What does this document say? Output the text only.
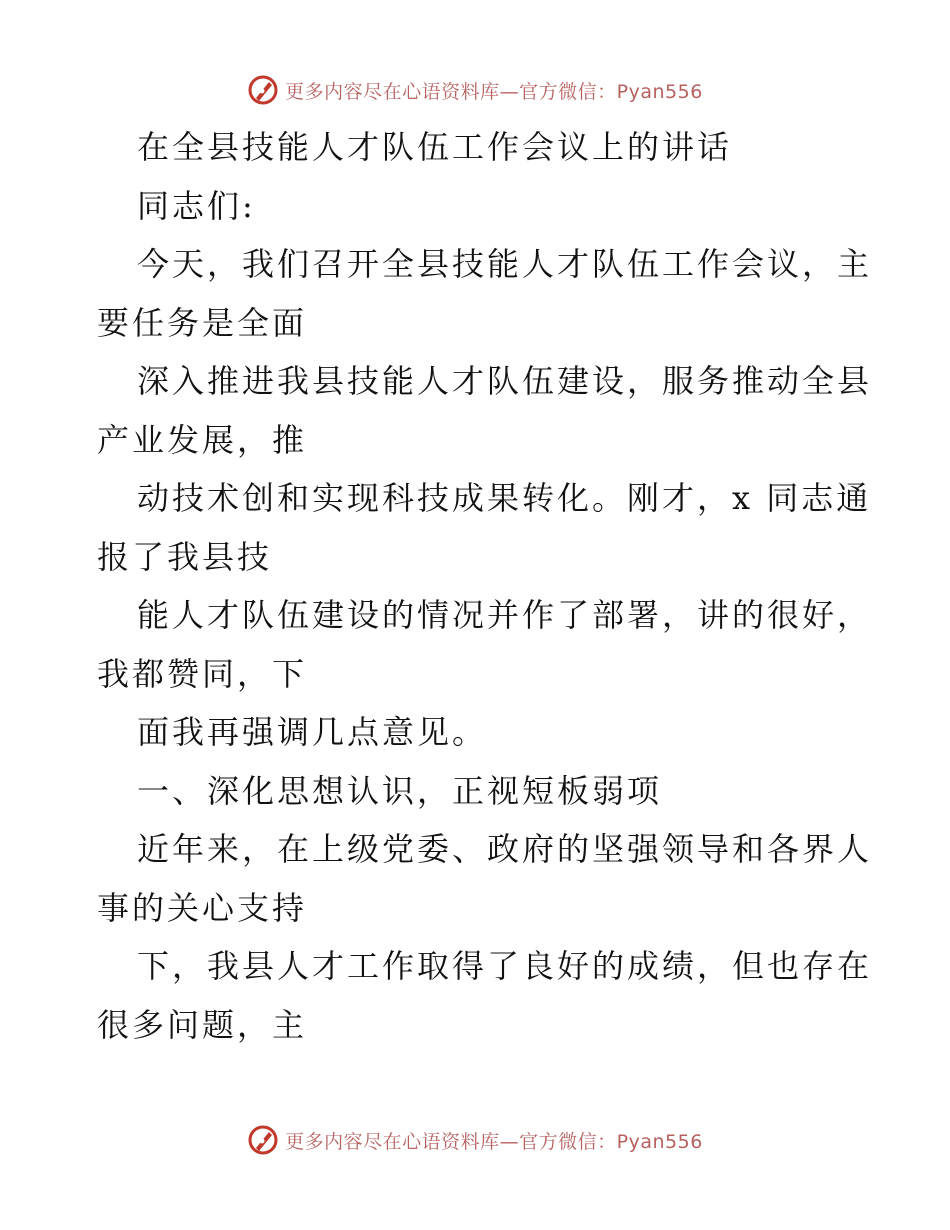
更多内容尽在心语资料库—官方微信：Pyan556
在全县技能人才队伍工作会议上的讲话
同志们:
今天，我们召开全县技能人才队伍工作会议，主
要任务是全面
深入推进我县技能人才队伍建设，服务推动全县
产业发展，推
动技术创和实现科技成果转化。刚才，x 同志通
报了我县技
能人才队伍建设的情况并作了部署，讲的很好，
我都赞同，下
面我再强调几点意见。
一、深化思想认识，正视短板弱项
近年来，在上级党委、政府的坚强领导和各界人
事的关心支持
下，我县人才工作取得了良好的成绩，但也存在
很多问题，主
更多内容尽在心语资料库—官方微信：Pyan556
